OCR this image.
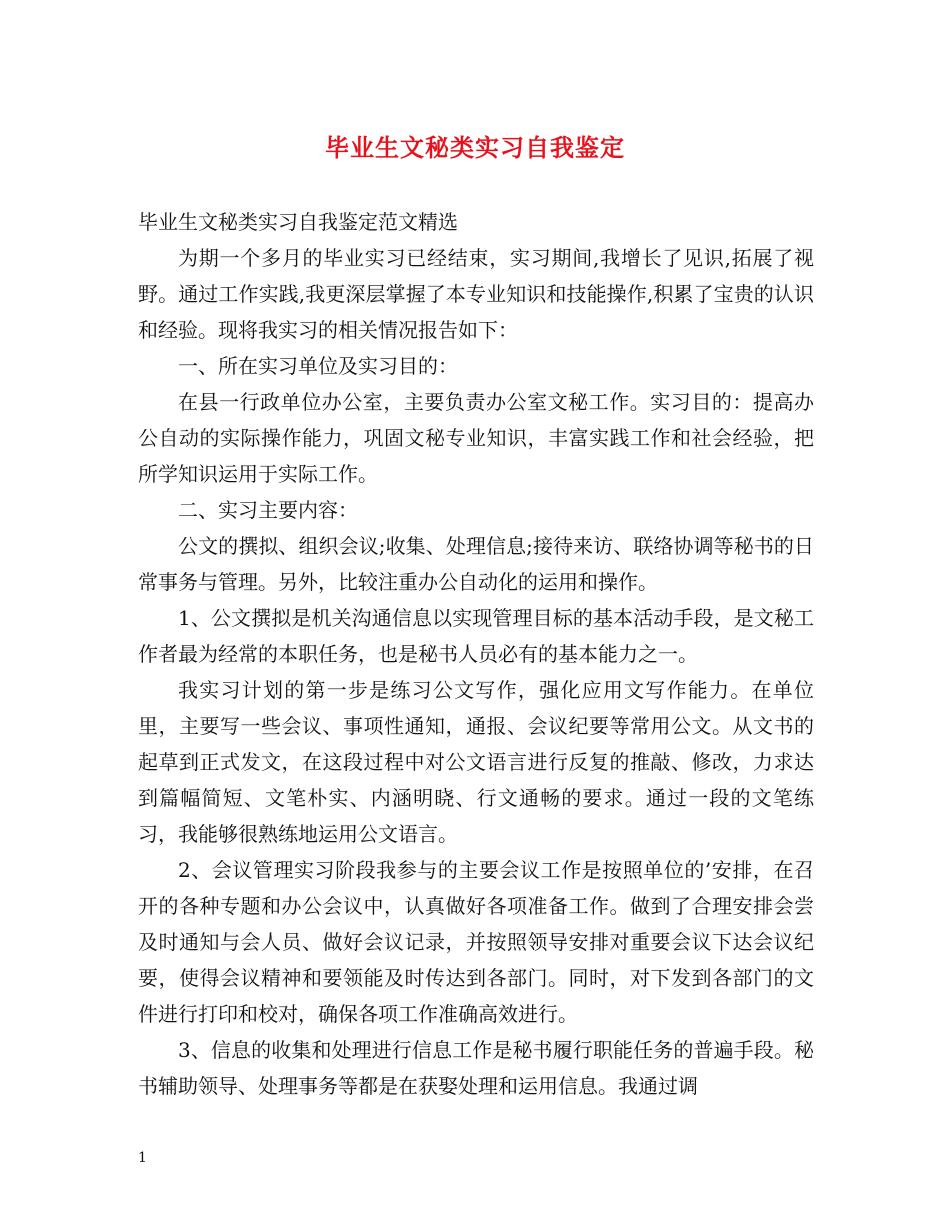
毕业生文秘类实习自我鉴定

毕业生文秘类实习自我鉴定范文精选

为期一个多月的毕业实习已经结束，实习期间,我增长了见识,拓展了视野。通过工作实践,我更深层掌握了本专业知识和技能操作,积累了宝贵的认识和经验。现将我实习的相关情况报告如下：

一、所在实习单位及实习目的：

在县一行政单位办公室，主要负责办公室文秘工作。实习目的：提高办公自动的实际操作能力，巩固文秘专业知识，丰富实践工作和社会经验，把所学知识运用于实际工作。

二、实习主要内容：

公文的撰拟、组织会议;收集、处理信息;接待来访、联络协调等秘书的日常事务与管理。另外，比较注重办公自动化的运用和操作。

1、公文撰拟是机关沟通信息以实现管理目标的基本活动手段，是文秘工作者最为经常的本职任务，也是秘书人员必有的基本能力之一。

我实习计划的第一步是练习公文写作，强化应用文写作能力。在单位里，主要写一些会议、事项性通知，通报、会议纪要等常用公文。从文书的起草到正式发文，在这段过程中对公文语言进行反复的推敲、修改，力求达到篇幅简短、文笔朴实、内涵明晓、行文通畅的要求。通过一段的文笔练习，我能够很熟练地运用公文语言。

2、会议管理实习阶段我参与的主要会议工作是按照单位的’安排，在召开的各种专题和办公会议中，认真做好各项准备工作。做到了合理安排会尝及时通知与会人员、做好会议记录，并按照领导安排对重要会议下达会议纪要，使得会议精神和要领能及时传达到各部门。同时，对下发到各部门的文件进行打印和校对，确保各项工作准确高效进行。

3、信息的收集和处理进行信息工作是秘书履行职能任务的普遍手段。秘书辅助领导、处理事务等都是在获娶处理和运用信息。我通过调

1
